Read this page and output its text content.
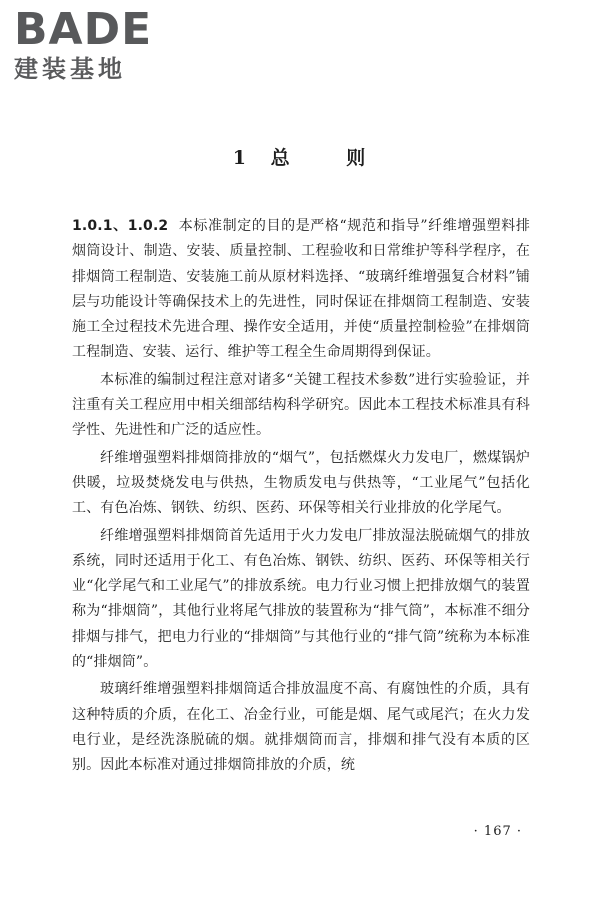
BADE
建装基地
1 总	则

1.0.1、1.0.2 本标准制定的目的是严格“规范和指导”纤维增强塑料排烟筒设计、制造、安装、质量控制、工程验收和日常维护等科学程序，在排烟筒工程制造、安装施工前从原材料选择、“玻璃纤维增强复合材料”铺层与功能设计等确保技术上的先进性，同时保证在排烟筒工程制造、安装施工全过程技术先进合理、操作安全适用，并使“质量控制检验”在排烟筒工程制造、安装、运行、维护等工程全生命周期得到保证。

本标准的编制过程注意对诸多“关键工程技术参数”进行实验验证，并注重有关工程应用中相关细部结构科学研究。因此本工程技术标准具有科学性、先进性和广泛的适应性。

纤维增强塑料排烟筒排放的“烟气”，包括燃煤火力发电厂，燃煤锅炉供暖，垃圾焚烧发电与供热，生物质发电与供热等，“工业尾气”包括化工、有色冶炼、钢铁、纺织、医药、环保等相关行业排放的化学尾气。

纤维增强塑料排烟筒首先适用于火力发电厂排放湿法脱硫烟气的排放系统，同时还适用于化工、有色冶炼、钢铁、纺织、医药、环保等相关行业“化学尾气和工业尾气”的排放系统。电力行业习惯上把排放烟气的装置称为“排烟筒”，其他行业将尾气排放的装置称为“排气筒”，本标准不细分排烟与排气，把电力行业的“排烟筒”与其他行业的“排气筒”统称为本标准的“排烟筒”。

玻璃纤维增强塑料排烟筒适合排放温度不高、有腐蚀性的介质，具有这种特质的介质，在化工、冶金行业，可能是烟、尾气或尾汽；在火力发电行业，是经洗涤脱硫的烟。就排烟筒而言，排烟和排气没有本质的区别。因此本标准对通过排烟筒排放的介质，统

· 167 ·
